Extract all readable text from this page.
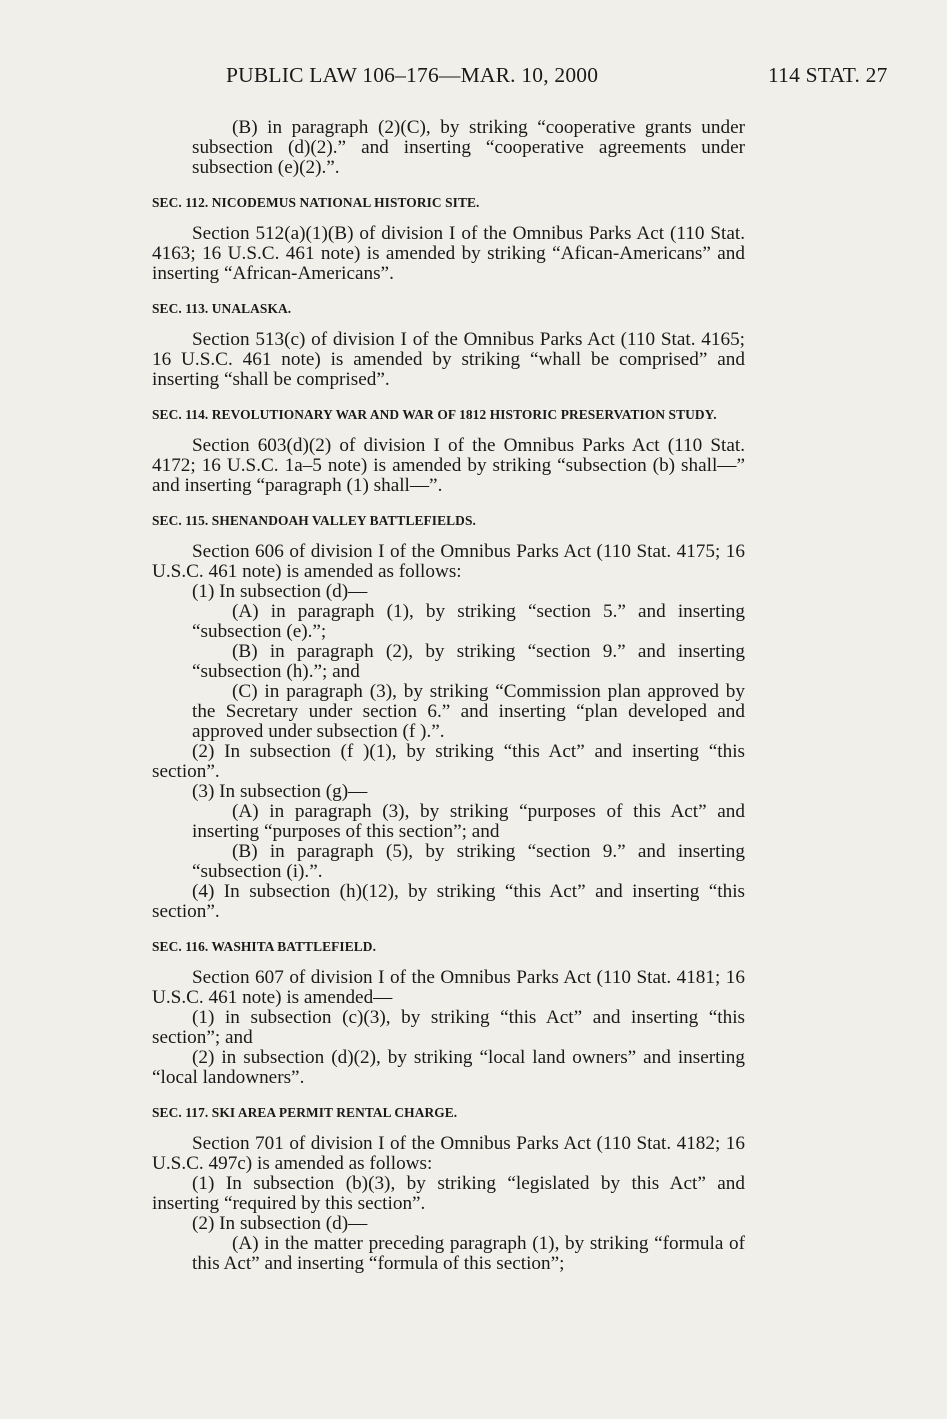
PUBLIC LAW 106–176—MAR. 10, 2000	114 STAT. 27

(B) in paragraph (2)(C), by striking “cooperative grants under subsection (d)(2).” and inserting “cooperative agreements under subsection (e)(2).”.

SEC. 112. NICODEMUS NATIONAL HISTORIC SITE.

Section 512(a)(1)(B) of division I of the Omnibus Parks Act (110 Stat. 4163; 16 U.S.C. 461 note) is amended by striking “Afican-Americans” and inserting “African-Americans”.

SEC. 113. UNALASKA.

Section 513(c) of division I of the Omnibus Parks Act (110 Stat. 4165; 16 U.S.C. 461 note) is amended by striking “whall be comprised” and inserting “shall be comprised”.

SEC. 114. REVOLUTIONARY WAR AND WAR OF 1812 HISTORIC PRESERVATION STUDY.

Section 603(d)(2) of division I of the Omnibus Parks Act (110 Stat. 4172; 16 U.S.C. 1a–5 note) is amended by striking “subsection (b) shall—” and inserting “paragraph (1) shall—”.

SEC. 115. SHENANDOAH VALLEY BATTLEFIELDS.

Section 606 of division I of the Omnibus Parks Act (110 Stat. 4175; 16 U.S.C. 461 note) is amended as follows:

(1) In subsection (d)—

(A) in paragraph (1), by striking “section 5.” and inserting “subsection (e).”;

(B) in paragraph (2), by striking “section 9.” and inserting “subsection (h).”; and

(C) in paragraph (3), by striking “Commission plan approved by the Secretary under section 6.” and inserting “plan developed and approved under subsection (f ).”.

(2) In subsection (f )(1), by striking “this Act” and inserting “this section”.

(3) In subsection (g)—

(A) in paragraph (3), by striking “purposes of this Act” and inserting “purposes of this section”; and

(B) in paragraph (5), by striking “section 9.” and inserting “subsection (i).”.

(4) In subsection (h)(12), by striking “this Act” and inserting “this section”.

SEC. 116. WASHITA BATTLEFIELD.

Section 607 of division I of the Omnibus Parks Act (110 Stat. 4181; 16 U.S.C. 461 note) is amended—

(1) in subsection (c)(3), by striking “this Act” and inserting “this section”; and

(2) in subsection (d)(2), by striking “local land owners” and inserting “local landowners”.

SEC. 117. SKI AREA PERMIT RENTAL CHARGE.

Section 701 of division I of the Omnibus Parks Act (110 Stat. 4182; 16 U.S.C. 497c) is amended as follows:

(1) In subsection (b)(3), by striking “legislated by this Act” and inserting “required by this section”.

(2) In subsection (d)—

(A) in the matter preceding paragraph (1), by striking “formula of this Act” and inserting “formula of this section”;
